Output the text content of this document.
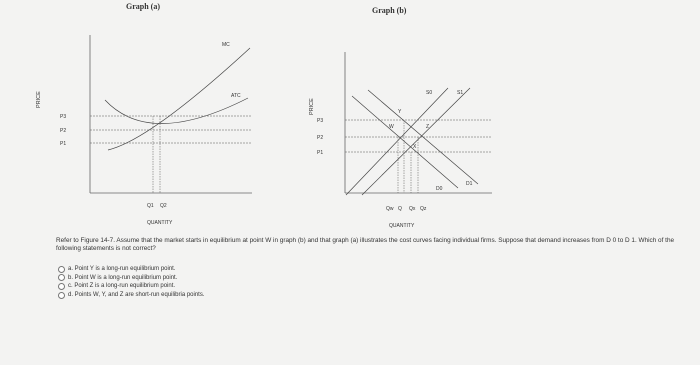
Graph (a)	Graph (b)
PRICE
MC
ATC
P3
P2
P1
Q1 Q2
QUANTITY
PRICE	Y
W	Z
X
S0	S1
D0
D1
P3
P2
P1
Qw Q Qx Qz
QUANTITY
Refer to Figure 14-7. Assume that the market starts in equilibrium at point W in graph (b) and that graph (a) illustrates the cost curves facing individual firms. Suppose that demand increases from D 0 to D 1. Which of the following statements is not correct?
a. Point Y is a long-run equilibrium point.
b. Point W is a long-run equilibrium point.
c. Point Z is a long-run equilibrium point.
d. Points W, Y, and Z are short-run equilibria points.
